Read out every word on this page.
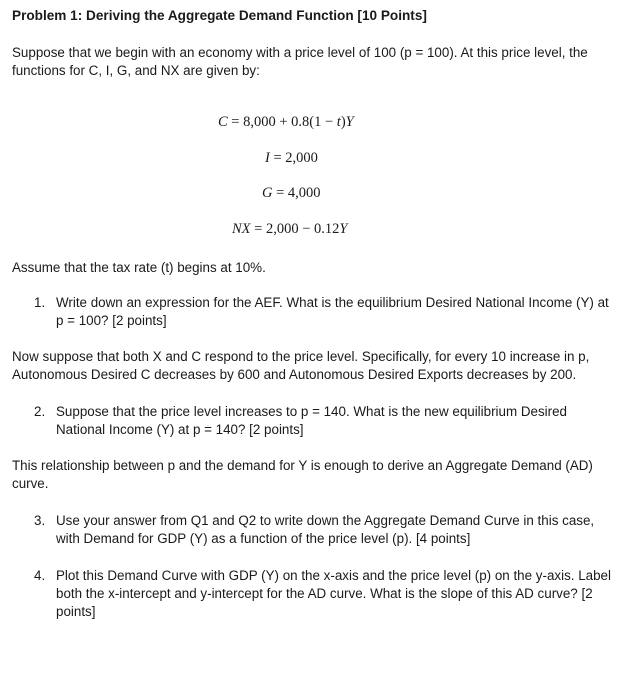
Problem 1: Deriving the Aggregate Demand Function [10 Points]
Suppose that we begin with an economy with a price level of 100 (p = 100). At this price level, the functions for C, I, G, and NX are given by:
C = 8,000 + 0.8(1 − t)Y
I = 2,000
G = 4,000
NX = 2,000 − 0.12Y
Assume that the tax rate (t) begins at 10%.
1. Write down an expression for the AEF. What is the equilibrium Desired National Income (Y) at p = 100? [2 points]
Now suppose that both X and C respond to the price level. Specifically, for every 10 increase in p, Autonomous Desired C decreases by 600 and Autonomous Desired Exports decreases by 200.
2. Suppose that the price level increases to p = 140. What is the new equilibrium Desired National Income (Y) at p = 140? [2 points]
This relationship between p and the demand for Y is enough to derive an Aggregate Demand (AD) curve.
3. Use your answer from Q1 and Q2 to write down the Aggregate Demand Curve in this case, with Demand for GDP (Y) as a function of the price level (p). [4 points]
4. Plot this Demand Curve with GDP (Y) on the x-axis and the price level (p) on the y-axis. Label both the x-intercept and y-intercept for the AD curve. What is the slope of this AD curve? [2 points]
